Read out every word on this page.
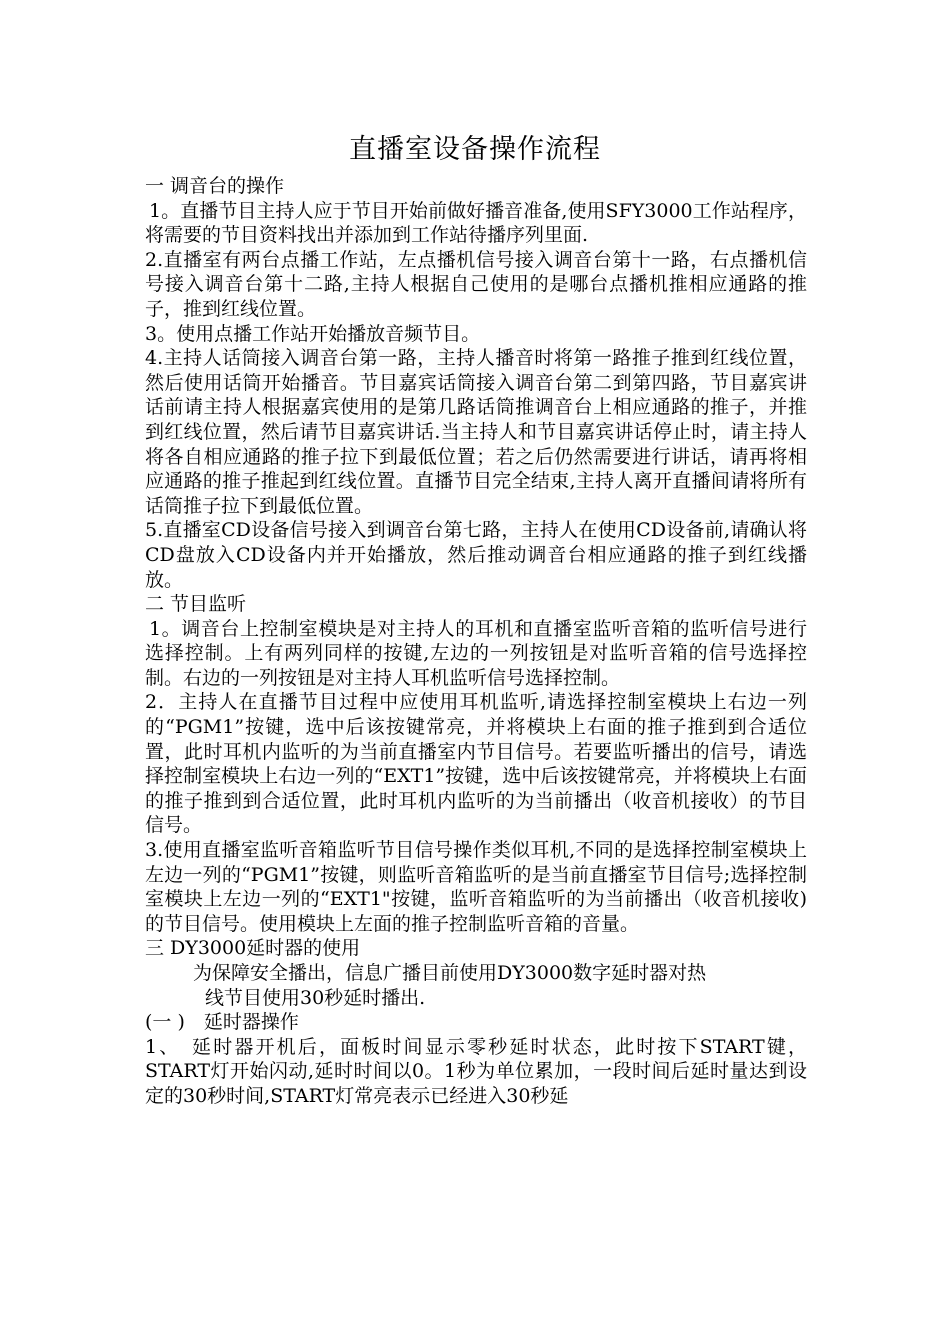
直播室设备操作流程

一 调音台的操作

1。直播节目主持人应于节目开始前做好播音准备,使用SFY3000工作站程序，将需要的节目资料找出并添加到工作站待播序列里面.

2.直播室有两台点播工作站，左点播机信号接入调音台第十一路，右点播机信号接入调音台第十二路,主持人根据自己使用的是哪台点播机推相应通路的推子，推到红线位置。

3。使用点播工作站开始播放音频节目。

4.主持人话筒接入调音台第一路，主持人播音时将第一路推子推到红线位置，然后使用话筒开始播音。节目嘉宾话筒接入调音台第二到第四路，节目嘉宾讲话前请主持人根据嘉宾使用的是第几路话筒推调音台上相应通路的推子，并推到红线位置，然后请节目嘉宾讲话.当主持人和节目嘉宾讲话停止时，请主持人将各自相应通路的推子拉下到最低位置；若之后仍然需要进行讲话，请再将相应通路的推子推起到红线位置。直播节目完全结束,主持人离开直播间请将所有话筒推子拉下到最低位置。

5.直播室CD设备信号接入到调音台第七路，主持人在使用CD设备前,请确认将CD盘放入CD设备内并开始播放，然后推动调音台相应通路的推子到红线播放。

二 节目监听

1。调音台上控制室模块是对主持人的耳机和直播室监听音箱的监听信号进行选择控制。上有两列同样的按键,左边的一列按钮是对监听音箱的信号选择控制。右边的一列按钮是对主持人耳机监听信号选择控制。

2．主持人在直播节目过程中应使用耳机监听,请选择控制室模块上右边一列的“PGM1”按键，选中后该按键常亮，并将模块上右面的推子推到到合适位置，此时耳机内监听的为当前直播室内节目信号。若要监听播出的信号，请选择控制室模块上右边一列的“EXT1”按键，选中后该按键常亮，并将模块上右面的推子推到到合适位置，此时耳机内监听的为当前播出（收音机接收）的节目信号。

3.使用直播室监听音箱监听节目信号操作类似耳机,不同的是选择控制室模块上左边一列的“PGM1”按键，则监听音箱监听的是当前直播室节目信号;选择控制室模块上左边一列的“EXT1"按键，监听音箱监听的为当前播出（收音机接收)的节目信号。使用模块上左面的推子控制监听音箱的音量。

三 DY3000延时器的使用

为保障安全播出，信息广播目前使用DY3000数字延时器对热
线节目使用30秒延时播出.

(一 )　延时器操作

1、　延时器开机后，面板时间显示零秒延时状态，此时按下START键，START灯开始闪动,延时时间以0。1秒为单位累加，一段时间后延时量达到设定的30秒时间,START灯常亮表示已经进入30秒延
